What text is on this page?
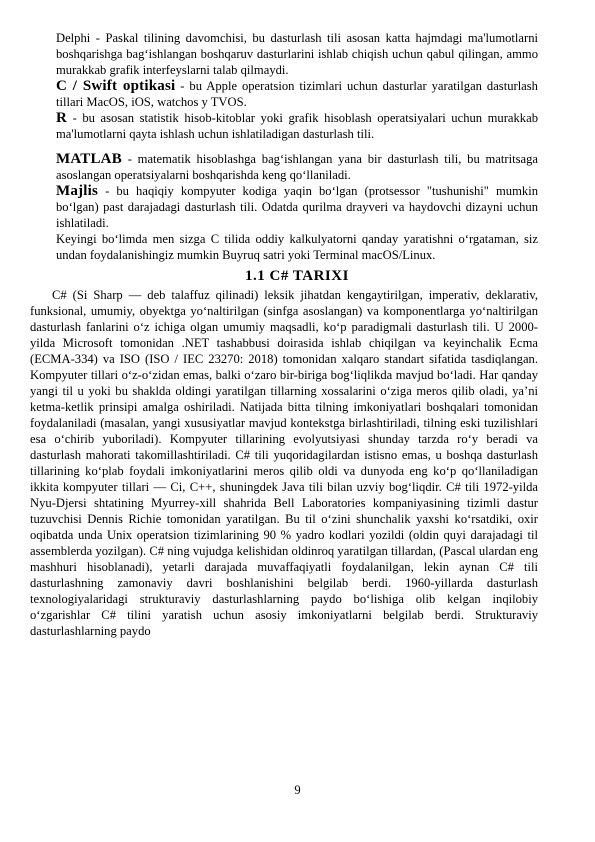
Delphi - Paskal tilining davomchisi, bu dasturlash tili asosan katta hajmdagi ma'lumotlarni boshqarishga bag‘ishlangan boshqaruv dasturlarini ishlab chiqish uchun qabul qilingan, ammo murakkab grafik interfeyslarni talab qilmaydi.

C / Swift optikasi - bu Apple operatsion tizimlari uchun dasturlar yaratilgan dasturlash tillari MacOS, iOS, watchos y TVOS.

R - bu asosan statistik hisob-kitoblar yoki grafik hisoblash operatsiyalari uchun murakkab ma'lumotlarni qayta ishlash uchun ishlatiladigan dasturlash tili.

MATLAB - matematik hisoblashga bag‘ishlangan yana bir dasturlash tili, bu matritsaga asoslangan operatsiyalarni boshqarishda keng qo‘llaniladi.

Majlis - bu haqiqiy kompyuter kodiga yaqin bo‘lgan (protsessor "tushunishi" mumkin bo‘lgan) past darajadagi dasturlash tili. Odatda qurilma drayveri va haydovchi dizayni uchun ishlatiladi.

Keyingi bo‘limda men sizga C tilida oddiy kalkulyatorni qanday yaratishni o‘rgataman, siz undan foydalanishingiz mumkin Buyruq satri yoki Terminal macOS/Linux.

1.1 C# TARIXI

C# (Si Sharp — deb talaffuz qilinadi) leksik jihatdan kengaytirilgan, imperativ, deklarativ, funksional, umumiy, obyektga yo‘naltirilgan (sinfga asoslangan) va komponentlarga yo‘naltirilgan dasturlash fanlarini o‘z ichiga olgan umumiy maqsadli, ko‘p paradigmali dasturlash tili. U 2000-yilda Microsoft tomonidan .NET tashabbusi doirasida ishlab chiqilgan va keyinchalik Ecma (ECMA-334) va ISO (ISO / IEC 23270: 2018) tomonidan xalqaro standart sifatida tasdiqlangan. Kompyuter tillari o‘z-o‘zidan emas, balki o‘zaro bir-biriga bog‘liqlikda mavjud bo‘ladi. Har qanday yangi til u yoki bu shaklda oldingi yaratilgan tillarning xossalarini o‘ziga meros qilib oladi, ya’ni ketma-ketlik prinsipi amalga oshiriladi. Natijada bitta tilning imkoniyatlari boshqalari tomonidan foydalaniladi (masalan, yangi xususiyatlar mavjud kontekstga birlashtiriladi, tilning eski tuzilishlari esa o‘chirib yuboriladi). Kompyuter tillarining evolyutsiyasi shunday tarzda ro‘y beradi va dasturlash mahorati takomillashtiriladi. C# tili yuqoridagilardan istisno emas, u boshqa dasturlash tillarining ko‘plab foydali imkoniyatlarini meros qilib oldi va dunyoda eng ko‘p qo‘llaniladigan ikkita kompyuter tillari — Ci, C++, shuningdek Java tili bilan uzviy bog‘liqdir. C# tili 1972-yilda Nyu-Djersi shtatining Myurrey-xill shahrida Bell Laboratories kompaniyasining tizimli dastur tuzuvchisi Dennis Richie tomonidan yaratilgan. Bu til o‘zini shunchalik yaxshi ko‘rsatdiki, oxir oqibatda unda Unix operatsion tizimlarining 90 % yadro kodlari yozildi (oldin quyi darajadagi til assemblerda yozilgan). C# ning vujudga kelishidan oldinroq yaratilgan tillardan, (Pascal ulardan eng mashhuri hisoblanadi), yetarli darajada muvaffaqiyatli foydalanilgan, lekin aynan C# tili dasturlashning zamonaviy davri boshlanishini belgilab berdi. 1960-yillarda dasturlash texnologiyalaridagi strukturaviy dasturlashlarning paydo bo‘lishiga olib kelgan inqilobiy o‘zgarishlar C# tilini yaratish uchun asosiy imkoniyatlarni belgilab berdi. Strukturaviy dasturlashlarning paydo

9
